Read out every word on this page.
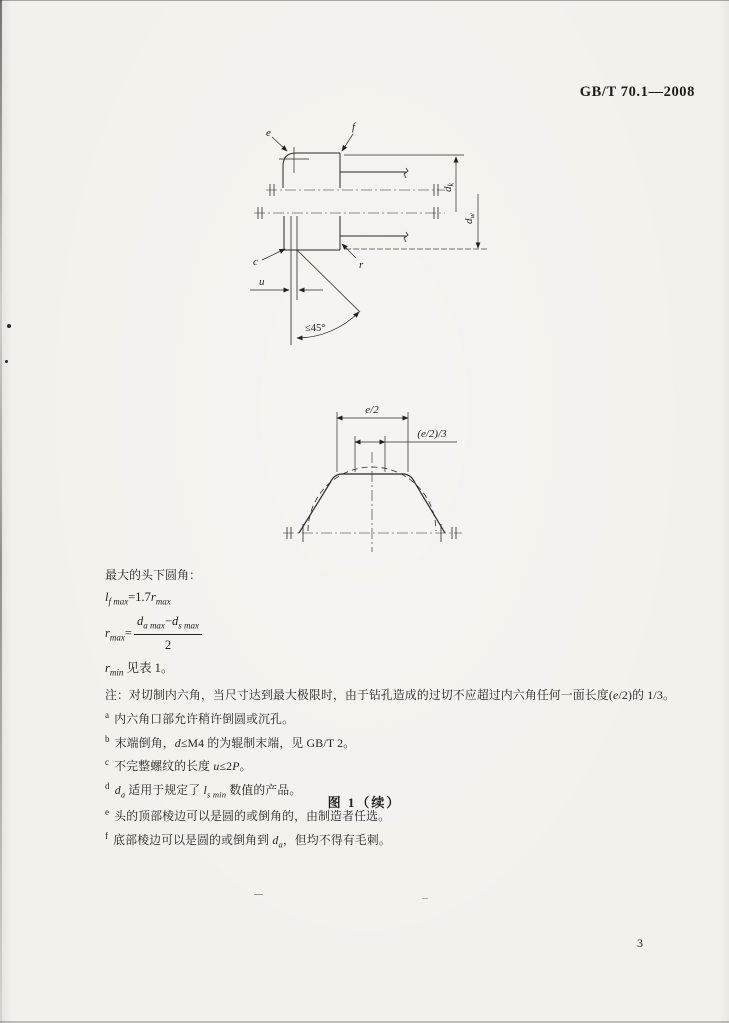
GB/T 70.1—2008
e	f
c	r
u
≤45°
$d_k$
$d_w$
e/2
(e/2)/3
最大的头下圆角：
$l_{f max}=1.7r_{max}$
$r_{max}= \frac{d_{a max}-d_{s max}}{2}$
$r_{min}$ 见表 1。
注：对切制内六角，当尺寸达到最大极限时，由于钻孔造成的过切不应超过内六角任何一面长度(e/2)的 1/3。
$^a$ 内六角口部允许稍许倒圆或沉孔。
$^b$ 末端倒角，d≤M4 的为辊制末端，见 GB/T 2。
$^c$ 不完整螺纹的长度 u≤2P。
$^d$ $d_a$ 适用于规定了 $l_{s min}$ 数值的产品。
$^e$ 头的顶部棱边可以是圆的或倒角的，由制造者任选。
$^f$ 底部棱边可以是圆的或倒角到 $d_a$，但均不得有毛刺。
图 1（续）
3
